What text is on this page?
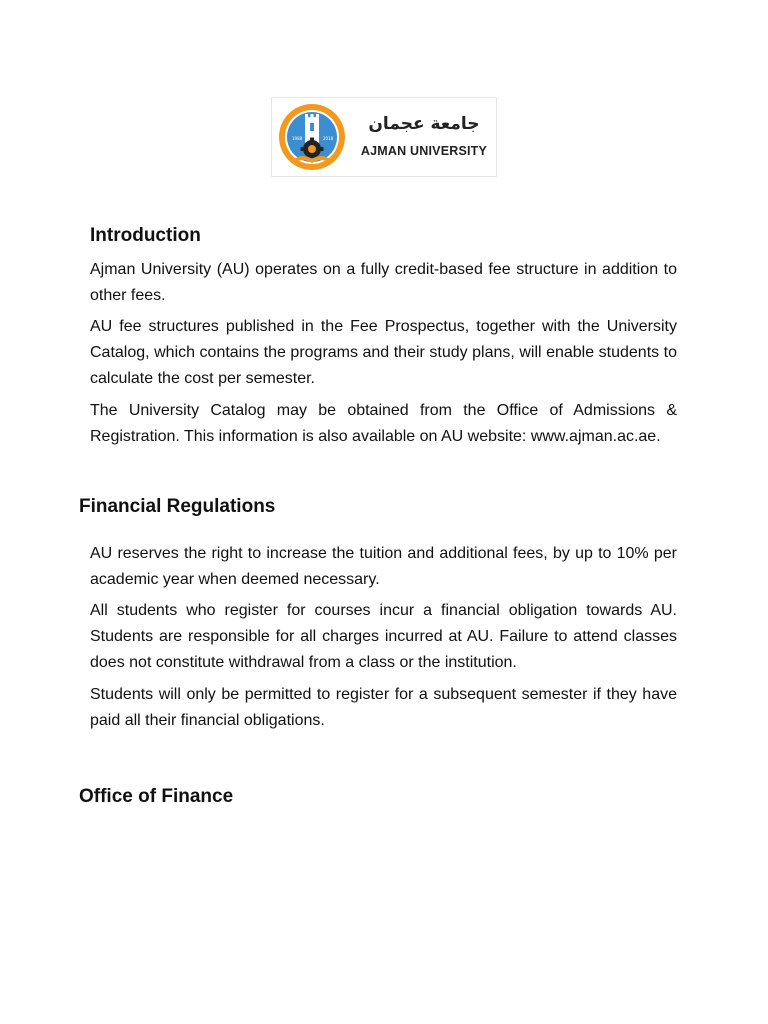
1988	2018
جامعة عجمان
AJMAN UNIVERSITY
Introduction

Ajman University (AU) operates on a fully credit-based fee structure in addition to other fees.

AU fee structures published in the Fee Prospectus, together with the University Catalog, which contains the programs and their study plans, will enable students to calculate the cost per semester.

The University Catalog may be obtained from the Office of Admissions & Registration. This information is also available on AU website: www.ajman.ac.ae.

Financial Regulations

AU reserves the right to increase the tuition and additional fees, by up to 10% per academic year when deemed necessary.

All students who register for courses incur a financial obligation towards AU. Students are responsible for all charges incurred at AU. Failure to attend classes does not constitute withdrawal from a class or the institution.

Students will only be permitted to register for a subsequent semester if they have paid all their financial obligations.

Office of Finance
